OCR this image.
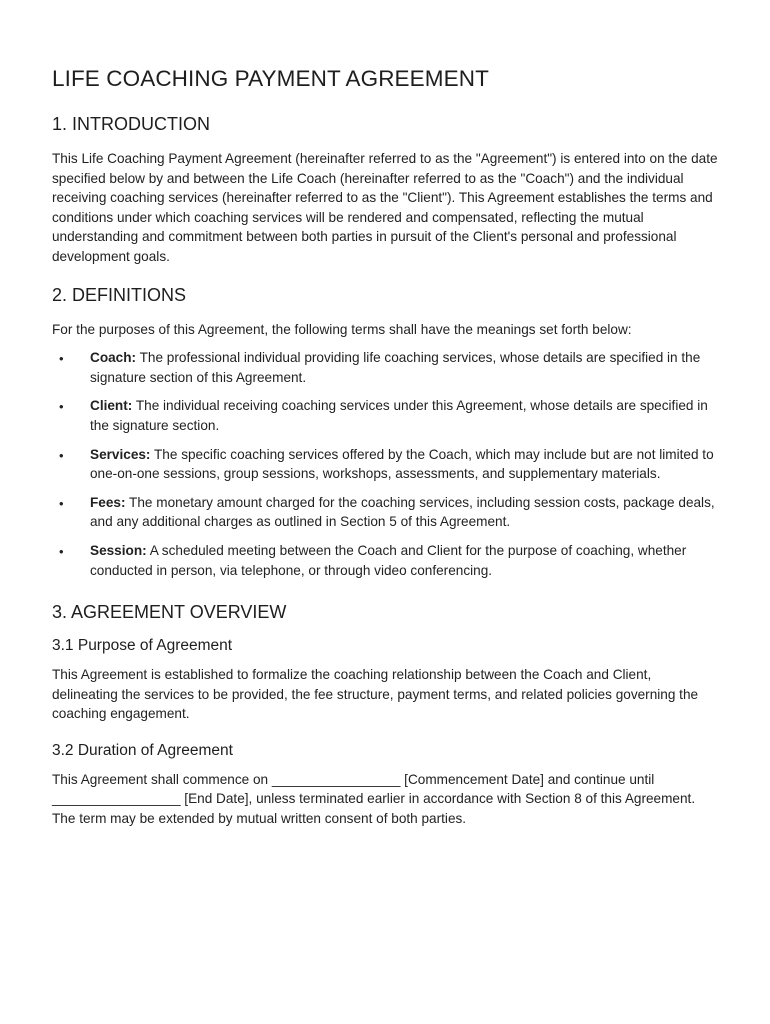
LIFE COACHING PAYMENT AGREEMENT
1. INTRODUCTION

This Life Coaching Payment Agreement (hereinafter referred to as the "Agreement") is entered into on the date specified below by and between the Life Coach (hereinafter referred to as the "Coach") and the individual receiving coaching services (hereinafter referred to as the "Client"). This Agreement establishes the terms and conditions under which coaching services will be rendered and compensated, reflecting the mutual understanding and commitment between both parties in pursuit of the Client's personal and professional development goals.

2. DEFINITIONS

For the purposes of this Agreement, the following terms shall have the meanings set forth below:

• Coach: The professional individual providing life coaching services, whose details are specified in the signature section of this Agreement.
• Client: The individual receiving coaching services under this Agreement, whose details are specified in the signature section.
• Services: The specific coaching services offered by the Coach, which may include but are not limited to one-on-one sessions, group sessions, workshops, assessments, and supplementary materials.
• Fees: The monetary amount charged for the coaching services, including session costs, package deals, and any additional charges as outlined in Section 5 of this Agreement.
• Session: A scheduled meeting between the Coach and Client for the purpose of coaching, whether conducted in person, via telephone, or through video conferencing.
3. AGREEMENT OVERVIEW
3.1 Purpose of Agreement

This Agreement is established to formalize the coaching relationship between the Coach and Client, delineating the services to be provided, the fee structure, payment terms, and related policies governing the coaching engagement.

3.2 Duration of Agreement

This Agreement shall commence on _________________ [Commencement Date] and continue until _________________ [End Date], unless terminated earlier in accordance with Section 8 of this Agreement. The term may be extended by mutual written consent of both parties.
